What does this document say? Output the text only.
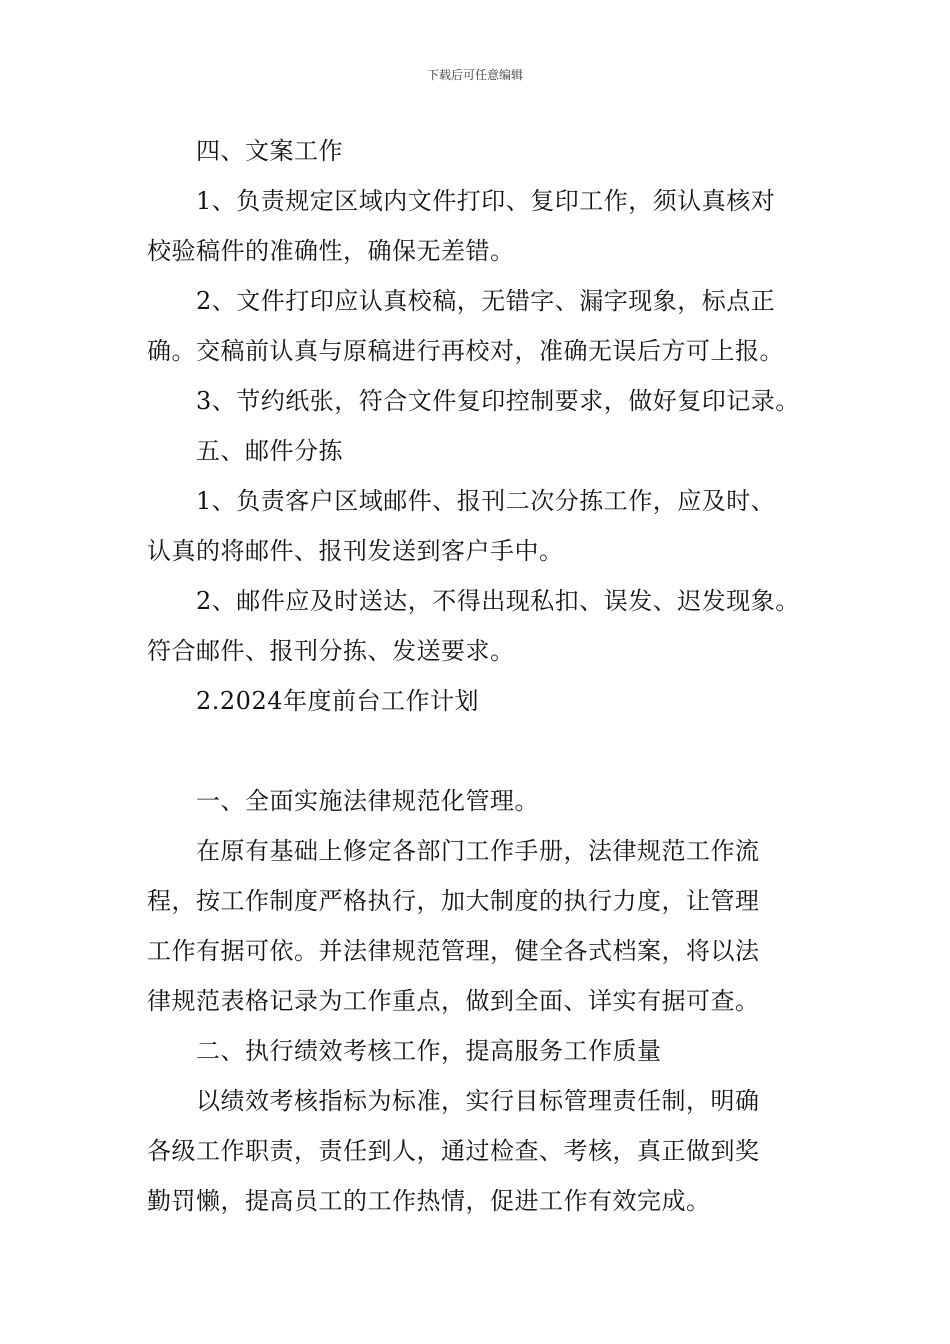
下载后可任意编辑
四、文案工作
1、负责规定区域内文件打印、复印工作，须认真核对
校验稿件的准确性，确保无差错。
2、文件打印应认真校稿，无错字、漏字现象，标点正
确。交稿前认真与原稿进行再校对，准确无误后方可上报。
3、节约纸张，符合文件复印控制要求，做好复印记录。
五、邮件分拣
1、负责客户区域邮件、报刊二次分拣工作，应及时、
认真的将邮件、报刊发送到客户手中。
2、邮件应及时送达，不得出现私扣、误发、迟发现象。
符合邮件、报刊分拣、发送要求。
2.2024年度前台工作计划
一、全面实施法律规范化管理。
在原有基础上修定各部门工作手册，法律规范工作流
程，按工作制度严格执行，加大制度的执行力度，让管理
工作有据可依。并法律规范管理，健全各式档案，将以法
律规范表格记录为工作重点，做到全面、详实有据可查。
二、执行绩效考核工作，提高服务工作质量
以绩效考核指标为标准，实行目标管理责任制，明确
各级工作职责，责任到人，通过检查、考核，真正做到奖
勤罚懒，提高员工的工作热情，促进工作有效完成。
